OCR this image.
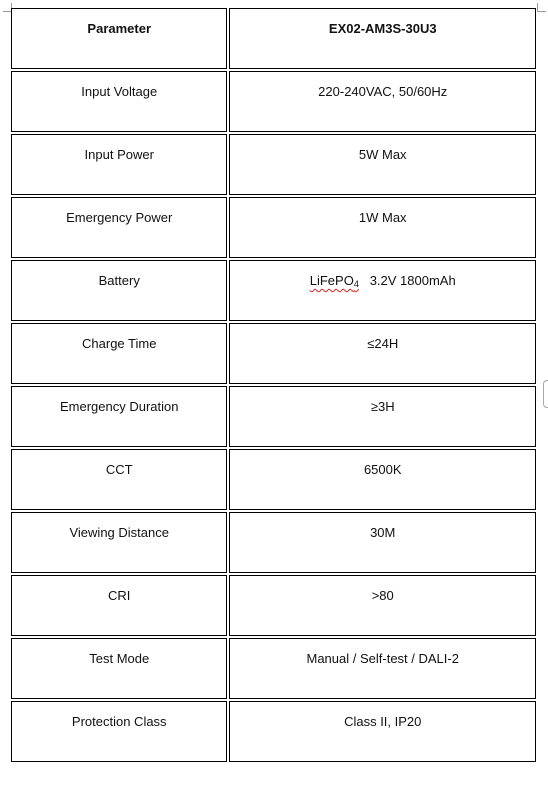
Parameter	EX02-AM3S-30U3

Input Voltage	220-240VAC, 50/60Hz

Input Power	5W Max

Emergency Power	1W Max

Battery	LiFePO4 3.2V 1800mAh

Charge Time	≤24H

Emergency Duration	≥3H

CCT	6500K

Viewing Distance	30M

CRI	>80

Test Mode	Manual / Self-test / DALI-2

Protection Class	Class II, IP20
